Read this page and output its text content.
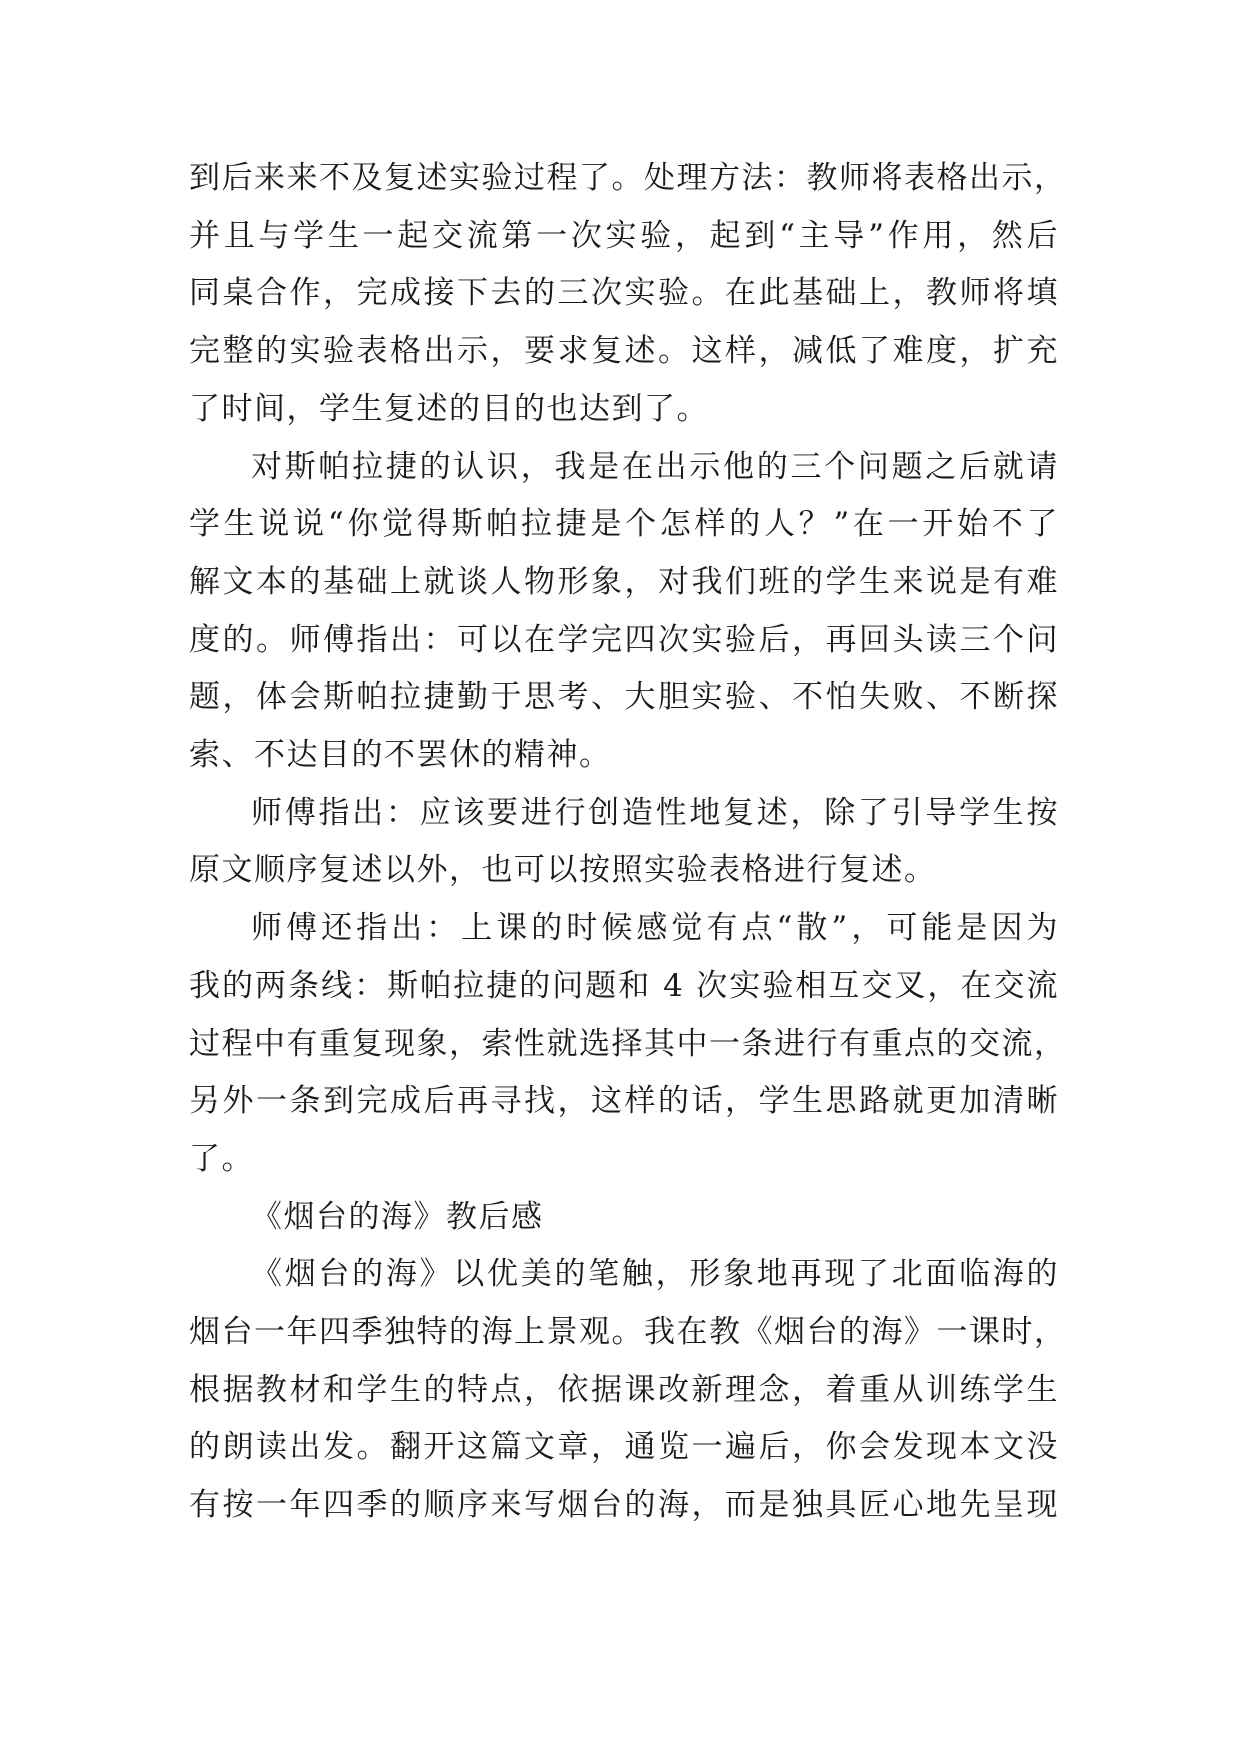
到后来来不及复述实验过程了。处理方法：教师将表格出示，
并且与学生一起交流第一次实验，起到“主导”作用，然后
同桌合作，完成接下去的三次实验。在此基础上，教师将填
完整的实验表格出示，要求复述。这样，减低了难度，扩充
了时间，学生复述的目的也达到了。
对斯帕拉捷的认识，我是在出示他的三个问题之后就请
学生说说“你觉得斯帕拉捷是个怎样的人？”在一开始不了
解文本的基础上就谈人物形象，对我们班的学生来说是有难
度的。师傅指出：可以在学完四次实验后，再回头读三个问
题，体会斯帕拉捷勤于思考、大胆实验、不怕失败、不断探
索、不达目的不罢休的精神。
师傅指出：应该要进行创造性地复述，除了引导学生按
原文顺序复述以外，也可以按照实验表格进行复述。
师傅还指出：上课的时候感觉有点“散”，可能是因为
我的两条线：斯帕拉捷的问题和 4 次实验相互交叉，在交流
过程中有重复现象，索性就选择其中一条进行有重点的交流，
另外一条到完成后再寻找，这样的话，学生思路就更加清晰
了。
《烟台的海》教后感
《烟台的海》以优美的笔触，形象地再现了北面临海的
烟台一年四季独特的海上景观。我在教《烟台的海》一课时，
根据教材和学生的特点，依据课改新理念，着重从训练学生
的朗读出发。翻开这篇文章，通览一遍后，你会发现本文没
有按一年四季的顺序来写烟台的海，而是独具匠心地先呈现
